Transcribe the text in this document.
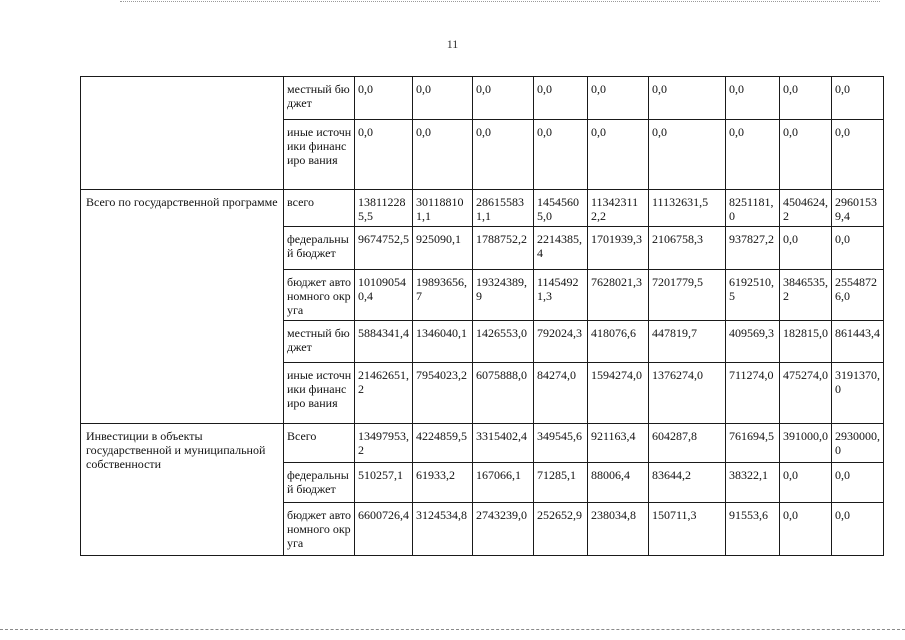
11
	местный бюджет	0,0	0,0	0,0	0,0	0,0	0,0	0,0	0,0	0,0
	иные источники финансиро вания	0,0	0,0	0,0	0,0	0,0	0,0	0,0	0,0	0,0
Всего по государственной программе	всего	138112285,5	301188101,1	286155831,1	14545605,0	113423112,2	11132631,5	8251181,0	4504624,2	29601539,4
	федеральный бюджет	9674752,5	925090,1	1788752,2	2214385,4	1701939,3	2106758,3	937827,2	0,0	0,0
	бюджет автономного округа	101090540,4	19893656,7	19324389,9	11454921,3	7628021,3	7201779,5	6192510,5	3846535,2	25548726,0
	местный бюджет	5884341,4	1346040,1	1426553,0	792024,3	418076,6	447819,7	409569,3	182815,0	861443,4
	иные источники финансиро вания	21462651,2	7954023,2	6075888,0	84274,0	1594274,0	1376274,0	711274,0	475274,0	3191370,0
Инвестиции в объекты государственной и муниципальной собственности	Всего	13497953,2	4224859,5	3315402,4	349545,6	921163,4	604287,8	761694,5	391000,0	2930000,0
	федеральный бюджет	510257,1	61933,2	167066,1	71285,1	88006,4	83644,2	38322,1	0,0	0,0
	бюджет автономного округа	6600726,4	3124534,8	2743239,0	252652,9	238034,8	150711,3	91553,6	0,0	0,0
